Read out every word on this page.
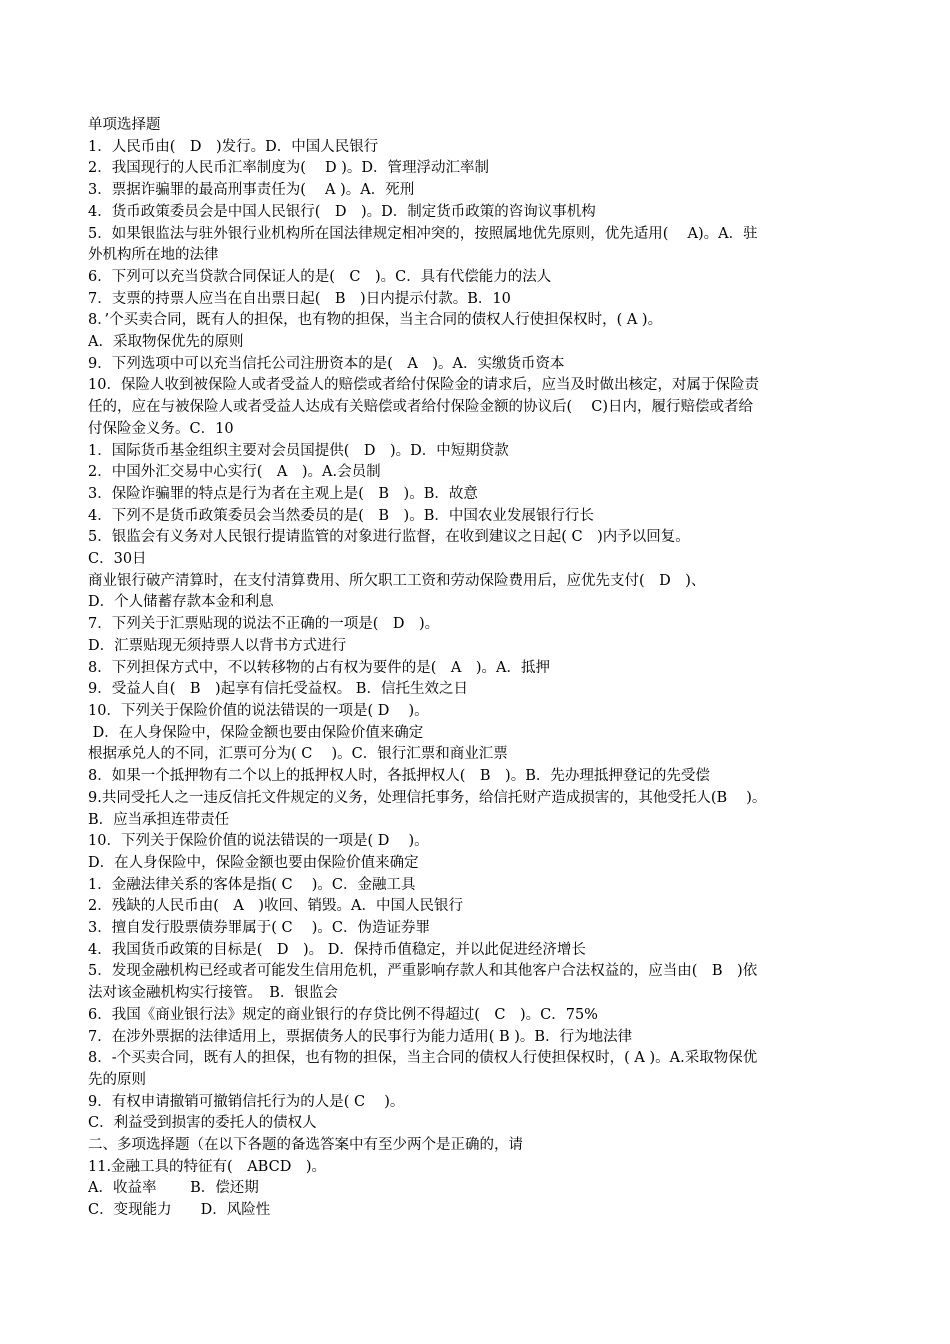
单项选择题
1．人民币由(　D　)发行。D．中国人民银行
2．我国现行的人民币汇率制度为(　 D )。D．管理浮动汇率制
3．票据诈骗罪的最高刑事责任为(　 A )。A．死刑
4．货币政策委员会是中国人民银行(　D　)。D．制定货币政策的咨询议事机构
5．如果银监法与驻外银行业机构所在国法律规定相冲突的，按照属地优先原则，优先适用(　 A)。A．驻
外机构所在地的法律
6．下列可以充当贷款合同保证人的是(　C　)。C．具有代偿能力的法人
7．支票的持票人应当在自出票日起(　B　)日内提示付款。B．10
8．’个买卖合同，既有人的担保，也有物的担保，当主合同的债权人行使担保权时，( A )。
A．采取物保优先的原则
9．下列选项中可以充当信托公司注册资本的是(　A　)。A．实缴货币资本
10．保险人收到被保险人或者受益人的赔偿或者给付保险金的请求后，应当及时做出核定，对属于保险责
任的，应在与被保险人或者受益人达成有关赔偿或者给付保险金额的协议后(　 C)日内，履行赔偿或者给
付保险金义务。C．10
1．国际货币基金组织主要对会员国提供(　D　)。D．中短期贷款
2．中国外汇交易中心实行(　A　)。A.会员制
3．保险诈骗罪的特点是行为者在主观上是(　B　)。B．故意
4．下列不是货币政策委员会当然委员的是(　B　)。B．中国农业发展银行行长
5．银监会有义务对人民银行提请监管的对象进行监督，在收到建议之日起( C　)内予以回复。
C．30日
商业银行破产清算时，在支付清算费用、所欠职工工资和劳动保险费用后，应优先支付(　D　)、
D．个人储蓄存款本金和利息
7．下列关于汇票贴现的说法不正确的一项是(　D　)。
D．汇票贴现无须持票人以背书方式进行
8．下列担保方式中，不以转移物的占有权为要件的是(　A　)。A．抵押
9．受益人自(　B　)起享有信托受益权。 B．信托生效之日
10．下列关于保险价值的说法错误的一项是( D　 )。
D．在人身保险中，保险金额也要由保险价值来确定
根据承兑人的不同，汇票可分为( C　 )。C．银行汇票和商业汇票
8．如果一个抵押物有二个以上的抵押权人时，各抵押权人(　B　)。B．先办理抵押登记的先受偿
9.共同受托人之一违反信托文件规定的义务，处理信托事务，给信托财产造成损害的，其他受托人(B　 )。
B．应当承担连带责任
10．下列关于保险价值的说法错误的一项是( D　 )。
D．在人身保险中，保险金额也要由保险价值来确定
1．金融法律关系的客体是指( C　 )。C．金融工具
2．残缺的人民币由(　A　)收回、销毁。A．中国人民银行
3．擅自发行股票债券罪属于( C　 )。C．伪造证券罪
4．我国货币政策的目标是(　D　)。 D．保持币值稳定，并以此促进经济增长
5．发现金融机构已经或者可能发生信用危机，严重影响存款人和其他客户合法权益的，应当由(　B　)依
法对该金融机构实行接管。　B．银监会
6．我国《商业银行法》规定的商业银行的存贷比例不得超过(　C　)。C．75%
7．在涉外票据的法律适用上，票据债务人的民事行为能力适用( B )。B．行为地法律
8．-个买卖合同，既有人的担保，也有物的担保，当主合同的债权人行使担保权时，( A )。A.采取物保优
先的原则
9．有权申请撤销可撤销信托行为的人是( C　 )。
C．利益受到损害的委托人的债权人
二、多项选择题（在以下各题的备选答案中有至少两个是正确的，请
11.金融工具的特征有(　ABCD　)。
A．收益率　　 B．偿还期
C．变现能力　　D．风险性
